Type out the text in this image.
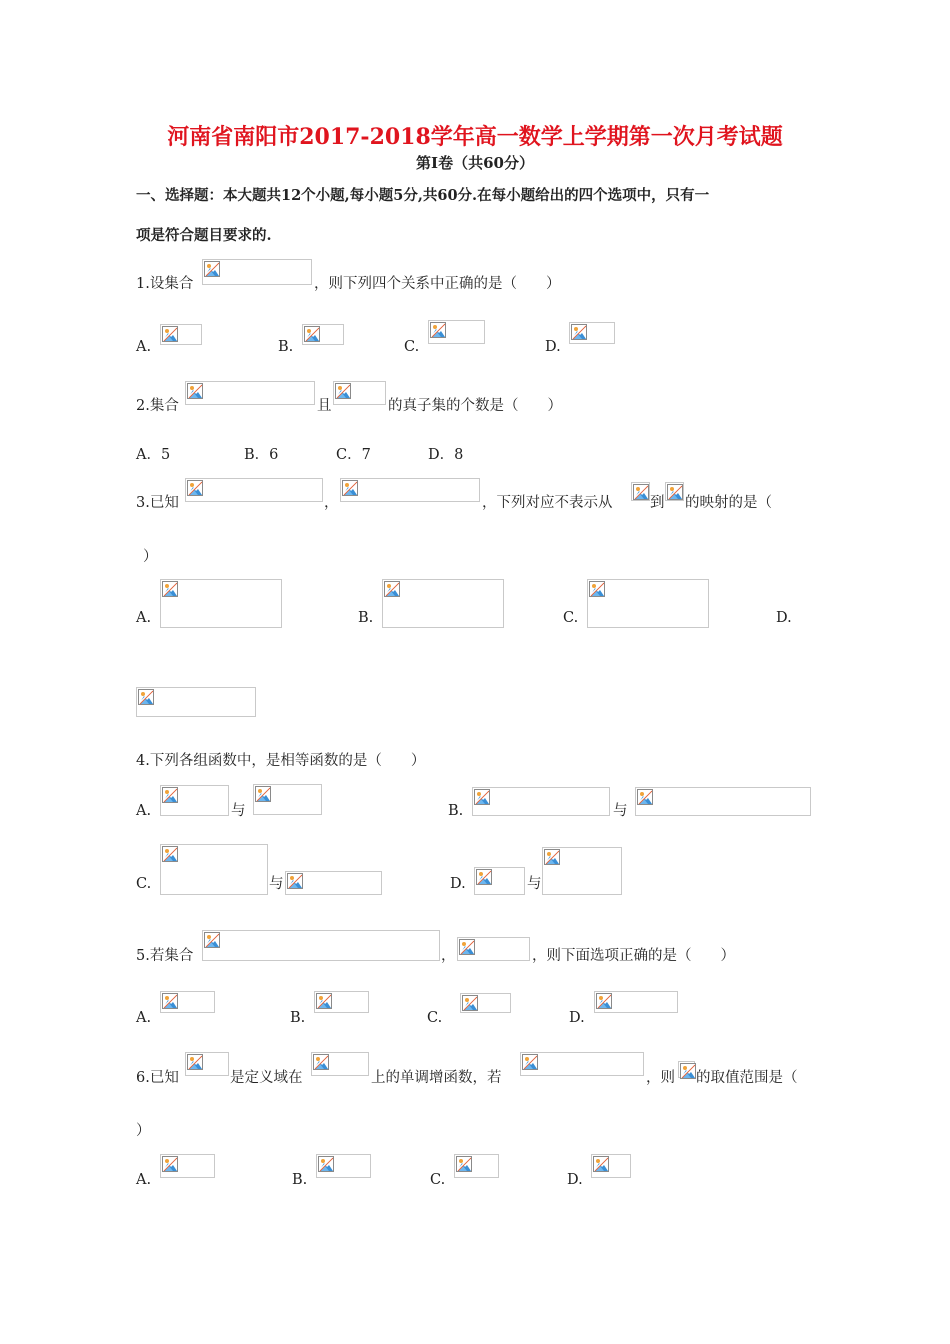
河南省南阳市2017-2018学年高一数学上学期第一次月考试题
第Ⅰ卷（共60分）
一、选择题：本大题共12个小题,每小题5分,共60分.在每小题给出的四个选项中，只有一
项是符合题目要求的.
1.设集合	，则下列四个关系中正确的是（　　）
A.	B.	C.	D.
2.集合	且	的真子集的个数是（　　）
A．5	B．6	C．7	D．8
3.已知	，	，下列对应不表示从	到 的映射的是（
）
A.	B.	C.	D.
4.下列各组函数中，是相等函数的是（　　）
A.	与	B.	与
C.	与	D.	与
5.若集合	，	，则下面选项正确的是（　　）
A.	B.	C.	D.
6.已知	是定义域在	上的单调增函数，若	，则 的取值范围是（
）
A.	B.	C.	D.
